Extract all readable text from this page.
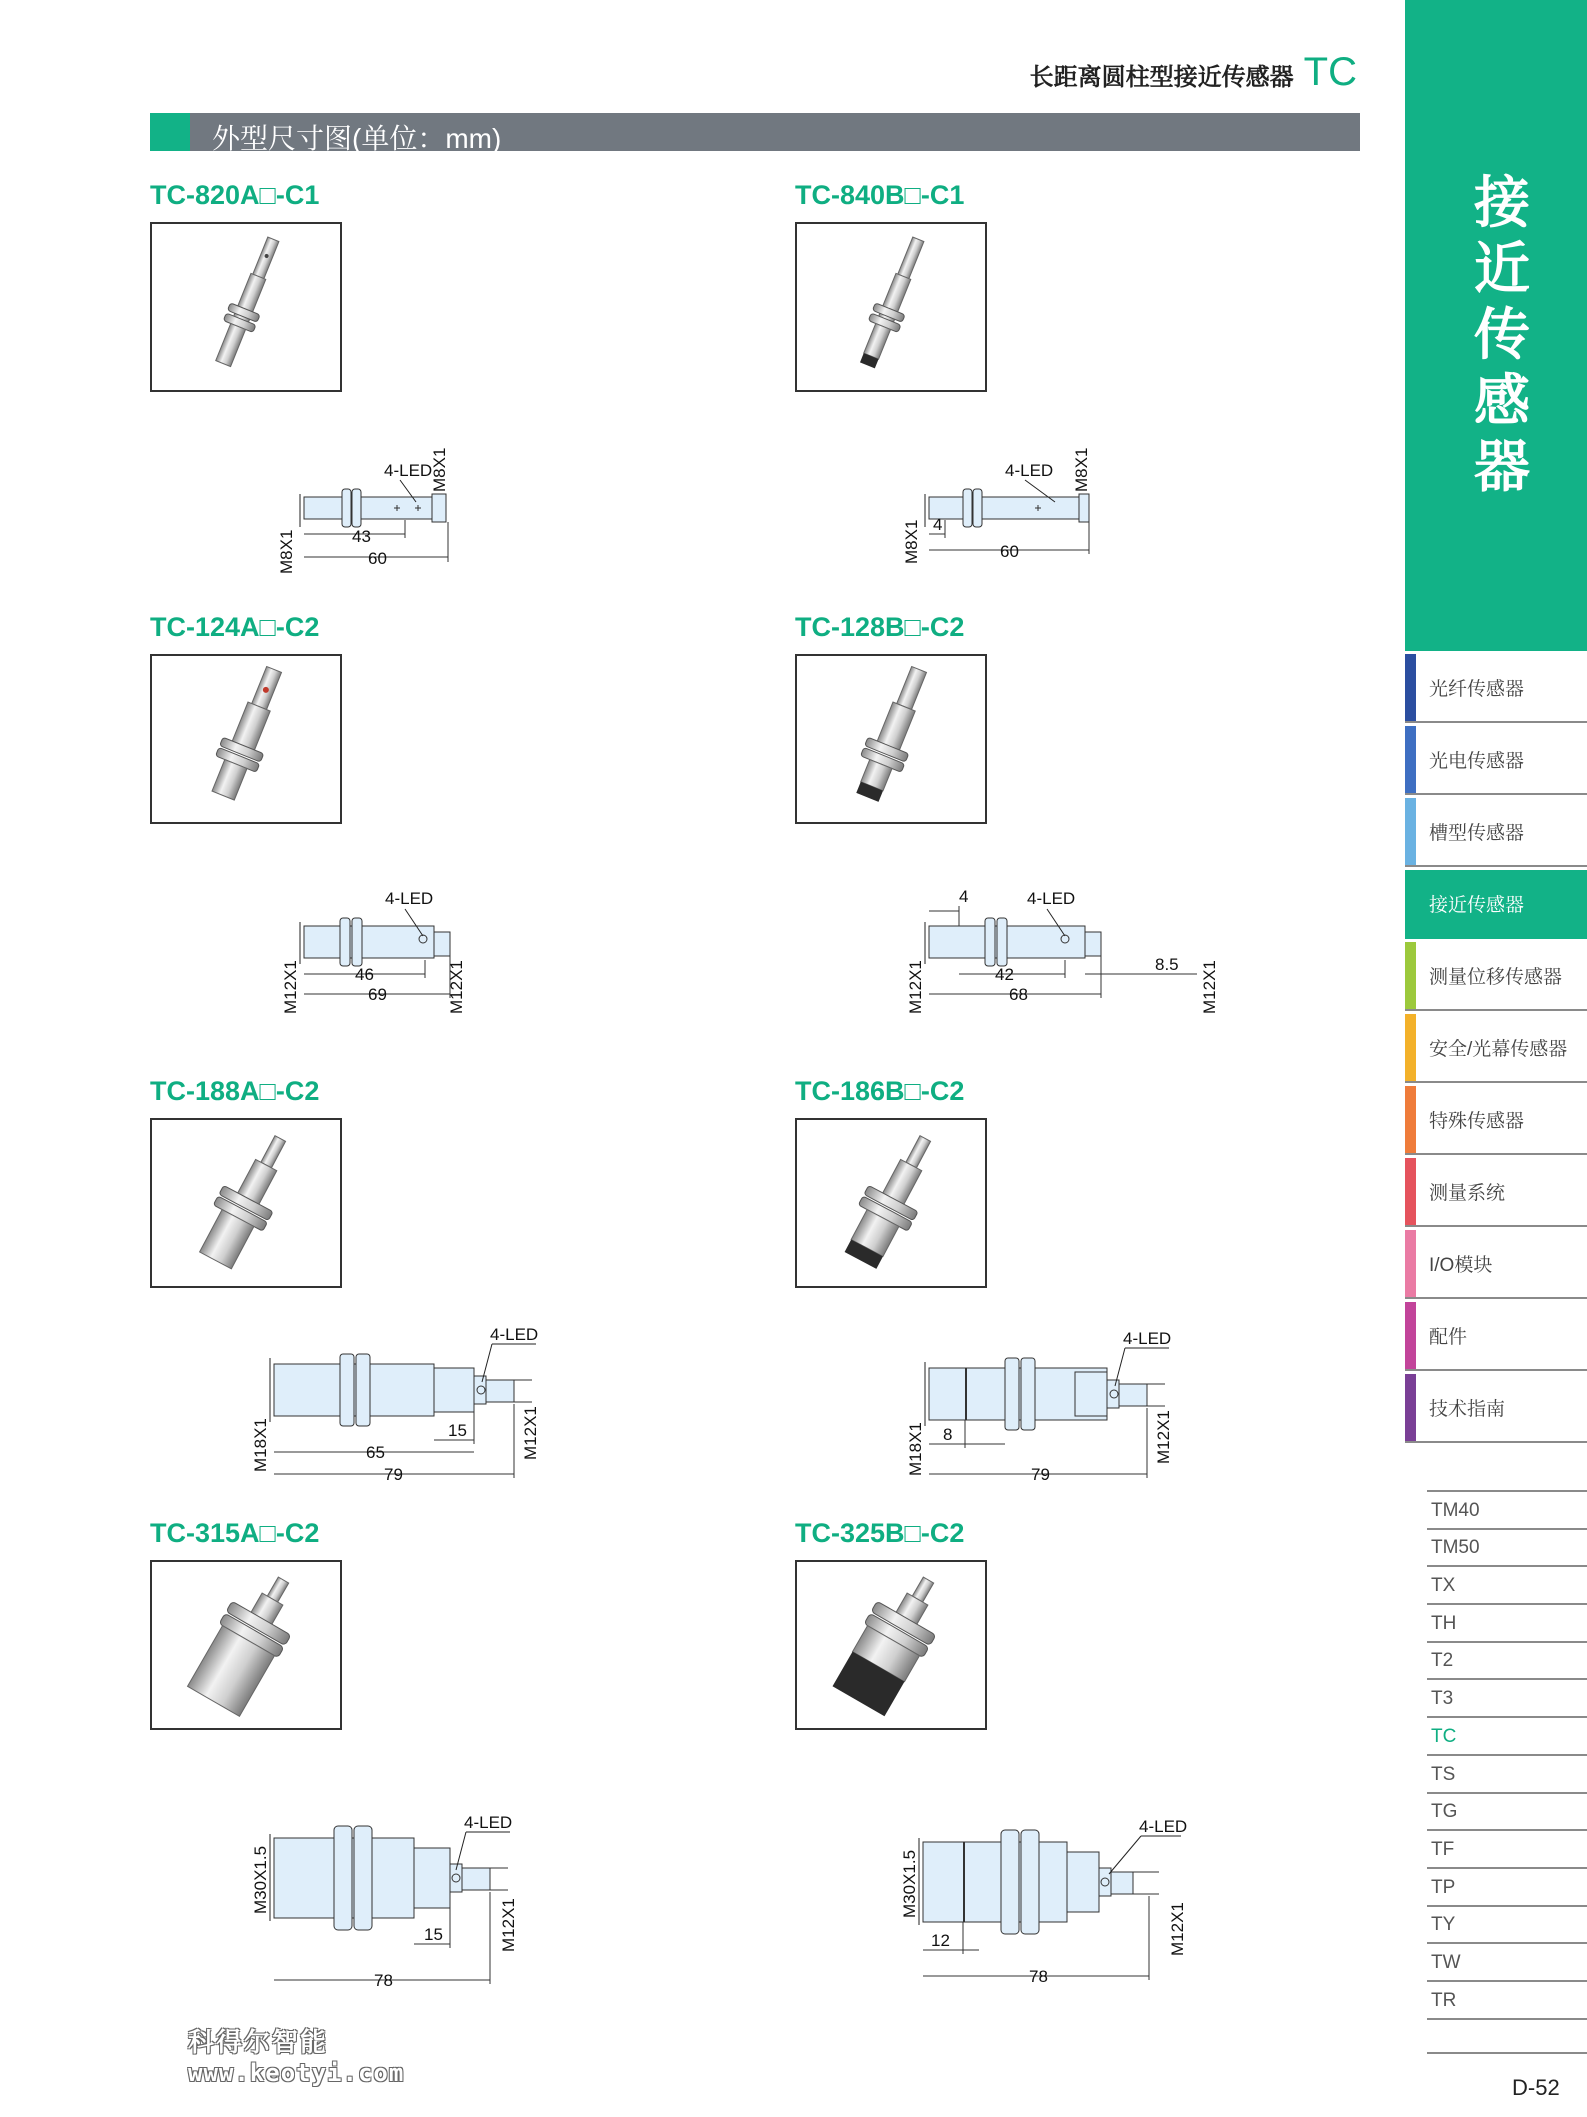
长距离圆柱型接近传感器 TC
外型尺寸图(单位：mm)
TC-820A□-C1
4-LED
M8X1
M8X1	43
60
TC-840B□-C1
4-LED M8X1
M8X1 4
60
TC-124A□-C2
4-LED
M12X1	M12X1
46
69
TC-128B□-C2
4-LED
4
M12X1	M12X1
42
8.5
68
TC-188A□-C2
4-LED
M18X1	M12X1
15
65
79
TC-186B□-C2
4-LED
M18X1	M12X1
8
79
TC-315A□-C2
4-LED
M30X1.5
M12X1
15
78
TC-325B□-C2
4-LED
M30X1.5
M12X1
12
78
接近传感器
光纤传感器
光电传感器
槽型传感器
接近传感器
测量位移传感器
安全/光幕传感器
特殊传感器
测量系统
I/O模块
配件
技术指南
TM40
TM50
TX
TH
T2
T3
TC
TS
TG
TF
TP
TY
TW
TR
D-52
科得尔智能
www.keotyi.com
